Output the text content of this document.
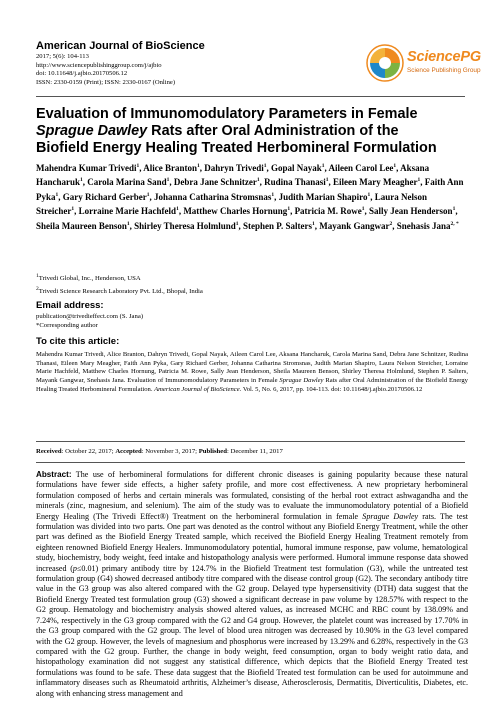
American Journal of BioScience
2017; 5(6): 104-113
http://www.sciencepublishinggroup.com/j/ajbio
doi: 10.11648/j.ajbio.20170506.12
ISSN: 2330-0159 (Print); ISSN: 2330-0167 (Online)
SciencePG
Science Publishing Group
Evaluation of Immunomodulatory Parameters in Female
Sprague Dawley Rats after Oral Administration of the
Biofield Energy Healing Treated Herbomineral Formulation
Mahendra Kumar Trivedi$^1$, Alice Branton$^1$, Dahryn Trivedi$^1$, Gopal Nayak$^1$, Aileen Carol Lee$^1$, Aksana Hancharuk$^1$, Carola Marina Sand$^1$, Debra Jane Schnitzer$^1$, Rudina Thanasi$^1$, Eileen Mary Meagher$^1$, Faith Ann Pyka$^1$, Gary Richard Gerber$^1$, Johanna Catharina Stromsnas$^1$, Judith Marian Shapiro$^1$, Laura Nelson Streicher$^1$, Lorraine Marie Hachfeld$^1$, Matthew Charles Hornung$^1$, Patricia M. Rowe$^1$, Sally Jean Henderson$^1$, Sheila Maureen Benson$^1$, Shirley Theresa Holmlund$^1$, Stephen P. Salters$^1$, Mayank Gangwar$^2$, Snehasis Jana$^{2, *}$
$^1$Trivedi Global, Inc., Henderson, USA
$^2$Trivedi Science Research Laboratory Pvt. Ltd., Bhopal, India
Email address:
publication@trivedieffect.com (S. Jana)
*Corresponding author
To cite this article:
Mahendra Kumar Trivedi, Alice Branton, Dahryn Trivedi, Gopal Nayak, Aileen Carol Lee, Aksana Hancharuk, Carola Marina Sand, Debra Jane Schnitzer, Rudina Thanasi, Eileen Mary Meagher, Faith Ann Pyka, Gary Richard Gerber, Johanna Catharina Stromsnas, Judith Marian Shapiro, Laura Nelson Streicher, Lorraine Marie Hachfeld, Matthew Charles Hornung, Patricia M. Rowe, Sally Jean Henderson, Sheila Maureen Benson, Shirley Theresa Holmlund, Stephen P. Salters, Mayank Gangwar, Snehasis Jana. Evaluation of Immunomodulatory Parameters in Female Sprague Dawley Rats after Oral Administration of the Biofield Energy Healing Treated Herbomineral Formulation. American Journal of BioScience. Vol. 5, No. 6, 2017, pp. 104-113. doi: 10.11648/j.ajbio.20170506.12
Received: October 22, 2017; Accepted: November 3, 2017; Published: December 11, 2017
Abstract: The use of herbomineral formulations for different chronic diseases is gaining popularity because these natural formulations have fewer side effects, a higher safety profile, and more cost effectiveness. A new proprietary herbomineral formulation composed of herbs and certain minerals was formulated, consisting of the herbal root extract ashwagandha and the minerals (zinc, magnesium, and selenium). The aim of the study was to evaluate the immunomodulatory potential of a Biofield Energy Healing (The Trivedi Effect®) Treatment on the herbomineral formulation in female Sprague Dawley rats. The test formulation was divided into two parts. One part was denoted as the control without any Biofield Energy Treatment, while the other part was defined as the Biofield Energy Treated sample, which received the Biofield Energy Healing Treatment remotely from eighteen renowned Biofield Energy Healers. Immunomodulatory potential, humoral immune response, paw volume, hematological study, biochemistry, body weight, feed intake and histopathology analysis were performed. Humoral immune response data showed increased (p≤0.01) primary antibody titre by 124.7% in the Biofield Treatment test formulation (G3), while the untreated test formulation group (G4) showed decreased antibody titre compared with the disease control group (G2). The secondary antibody titre value in the G3 group was also altered compared with the G2 group. Delayed type hypersensitivity (DTH) data suggest that the Biofield Energy Treated test formulation group (G3) showed a significant decrease in paw volume by 128.57% with respect to the G2 group. Hematology and biochemistry analysis showed altered values, as increased MCHC and RBC count by 138.09% and 7.24%, respectively in the G3 group compared with the G2 and G4 group. However, the platelet count was increased by 17.70% in the G3 group compared with the G2 group. The level of blood urea nitrogen was decreased by 10.90% in the G3 level compared with the G2 group. However, the levels of magnesium and phosphorus were increased by 13.29% and 6.28%, respectively in the G3 compared with the G2 group. Further, the change in body weight, feed consumption, organ to body weight ratio data, and histopathology examination did not suggest any statistical difference, which depicts that the Biofield Energy Treated test formulations was found to be safe. These data suggest that the Biofield Treated test formulation can be used for autoimmune and inflammatory diseases such as Rheumatoid arthritis, Alzheimer’s disease, Atherosclerosis, Dermatitis, Diverticulitis, Diabetes, etc. along with enhancing stress management and
